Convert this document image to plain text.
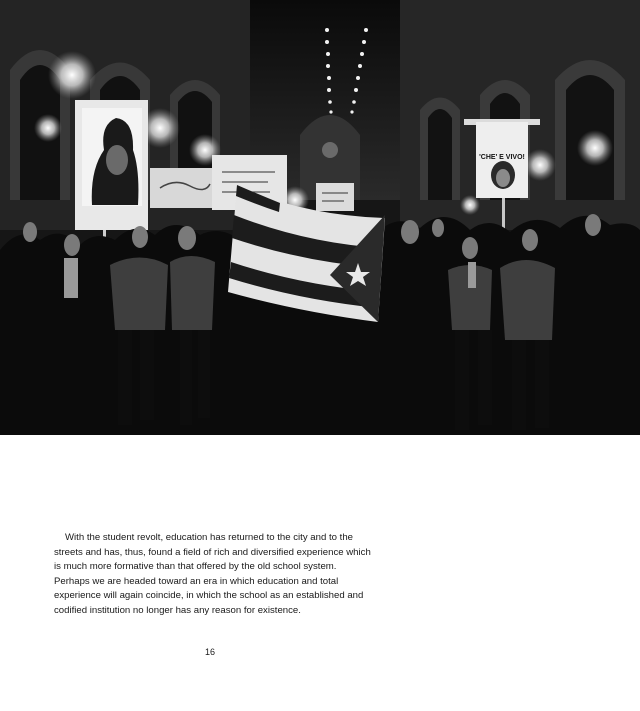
'CHE' E VIVO!

With the student revolt, education has returned to the city and to the
streets and has, thus, found a field of rich and diversified experience which
is much more formative than that offered by the old school system.
Perhaps we are headed toward an era in which education and total
experience will again coincide, in which the school as an established and
codified institution no longer has any reason for existence.

16
